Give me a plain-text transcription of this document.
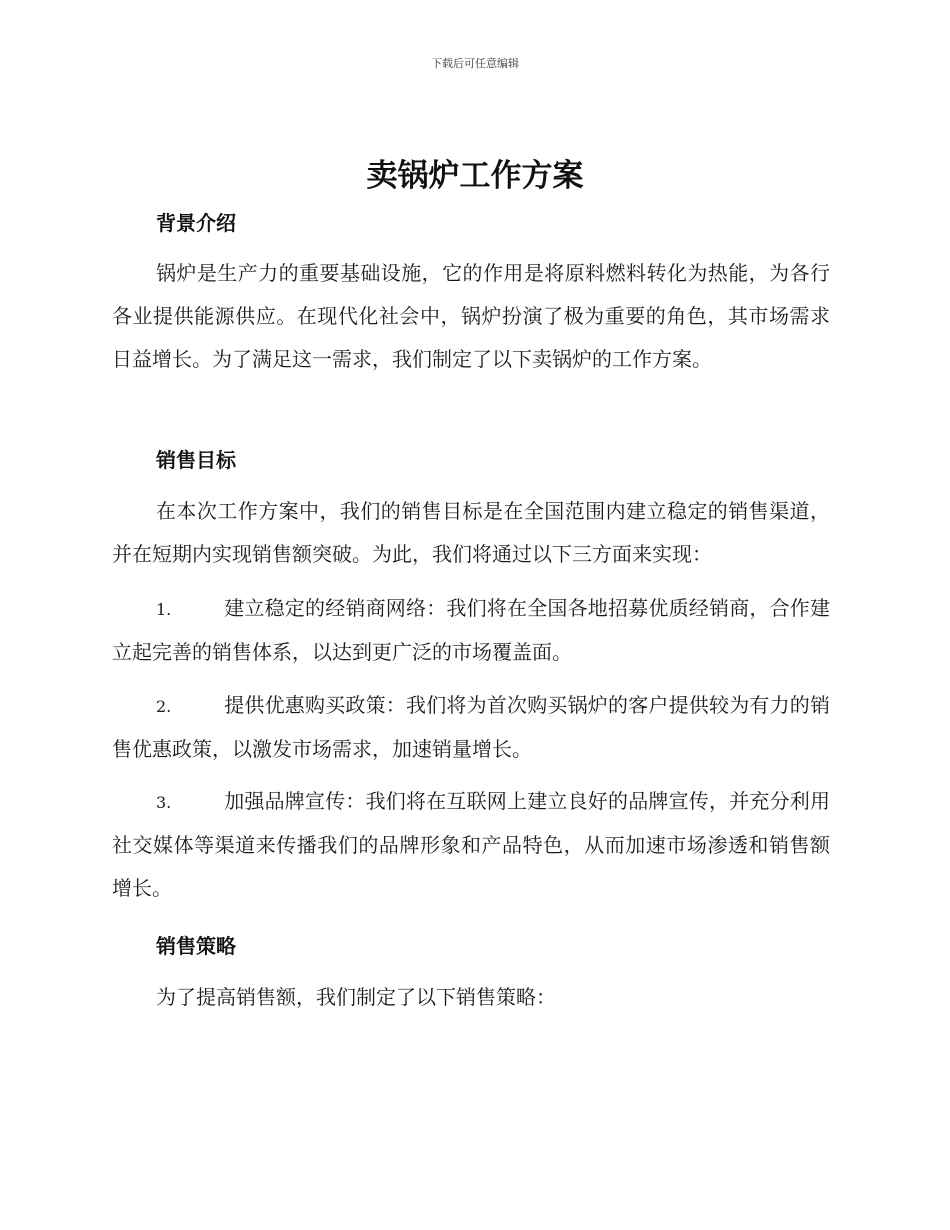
下载后可任意编辑
卖锅炉工作方案
背景介绍

锅炉是生产力的重要基础设施，它的作用是将原料燃料转化为热能，为各行各业提供能源供应。在现代化社会中，锅炉扮演了极为重要的角色，其市场需求日益增长。为了满足这一需求，我们制定了以下卖锅炉的工作方案。

销售目标

在本次工作方案中，我们的销售目标是在全国范围内建立稳定的销售渠道，并在短期内实现销售额突破。为此，我们将通过以下三方面来实现：

1.	建立稳定的经销商网络：我们将在全国各地招募优质经销商，合作建立起完善的销售体系，以达到更广泛的市场覆盖面。

2.	提供优惠购买政策：我们将为首次购买锅炉的客户提供较为有力的销售优惠政策，以激发市场需求，加速销量增长。

3.	加强品牌宣传：我们将在互联网上建立良好的品牌宣传，并充分利用社交媒体等渠道来传播我们的品牌形象和产品特色，从而加速市场渗透和销售额增长。

销售策略

为了提高销售额，我们制定了以下销售策略：
